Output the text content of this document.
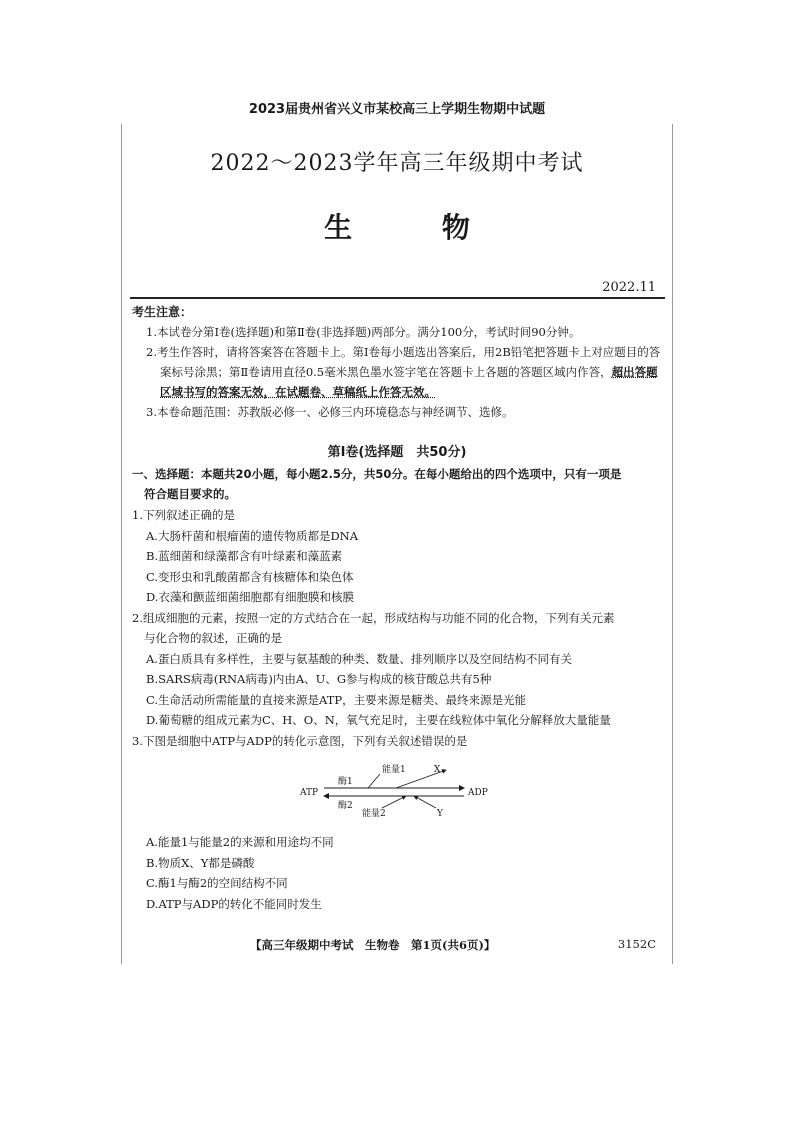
2023届贵州省兴义市某校高三上学期生物期中试题
2022～2023学年高三年级期中考试
生 物
2022.11
考生注意：
1.本试卷分第Ⅰ卷(选择题)和第Ⅱ卷(非选择题)两部分。满分100分，考试时间90分钟。
2.考生作答时，请将答案答在答题卡上。第Ⅰ卷每小题选出答案后，用2B铅笔把答题卡上对应题目的答案标号涂黑；第Ⅱ卷请用直径0.5毫米黑色墨水签字笔在答题卡上各题的答题区域内作答，超出答题区域书写的答案无效，在试题卷、草稿纸上作答无效。
3.本卷命题范围：苏教版必修一、必修三内环境稳态与神经调节、选修。
第Ⅰ卷(选择题　共50分)
一、选择题：本题共20小题，每小题2.5分，共50分。在每小题给出的四个选项中，只有一项是
符合题目要求的。
1.下列叙述正确的是
A.大肠杆菌和根瘤菌的遗传物质都是DNA
B.蓝细菌和绿藻都含有叶绿素和藻蓝素
C.变形虫和乳酸菌都含有核糖体和染色体
D.衣藻和颤蓝细菌细胞都有细胞膜和核膜
2.组成细胞的元素，按照一定的方式结合在一起，形成结构与功能不同的化合物，下列有关元素
与化合物的叙述，正确的是
A.蛋白质具有多样性，主要与氨基酸的种类、数量、排列顺序以及空间结构不同有关
B.SARS病毒(RNA病毒)内由A、U、G参与构成的核苷酸总共有5种
C.生命活动所需能量的直接来源是ATP，主要来源是糖类、最终来源是光能
D.葡萄糖的组成元素为C、H、O、N，氧气充足时，主要在线粒体中氧化分解释放大量能量
3.下图是细胞中ATP与ADP的转化示意图，下列有关叙述错误的是
ATP	ADP
酶1
酶2
能量1	X
能量2	Y
A.能量1与能量2的来源和用途均不同
B.物质X、Y都是磷酸
C.酶1与酶2的空间结构不同
D.ATP与ADP的转化不能同时发生
【高三年级期中考试　生物卷　第1页(共6页)】	3152C
